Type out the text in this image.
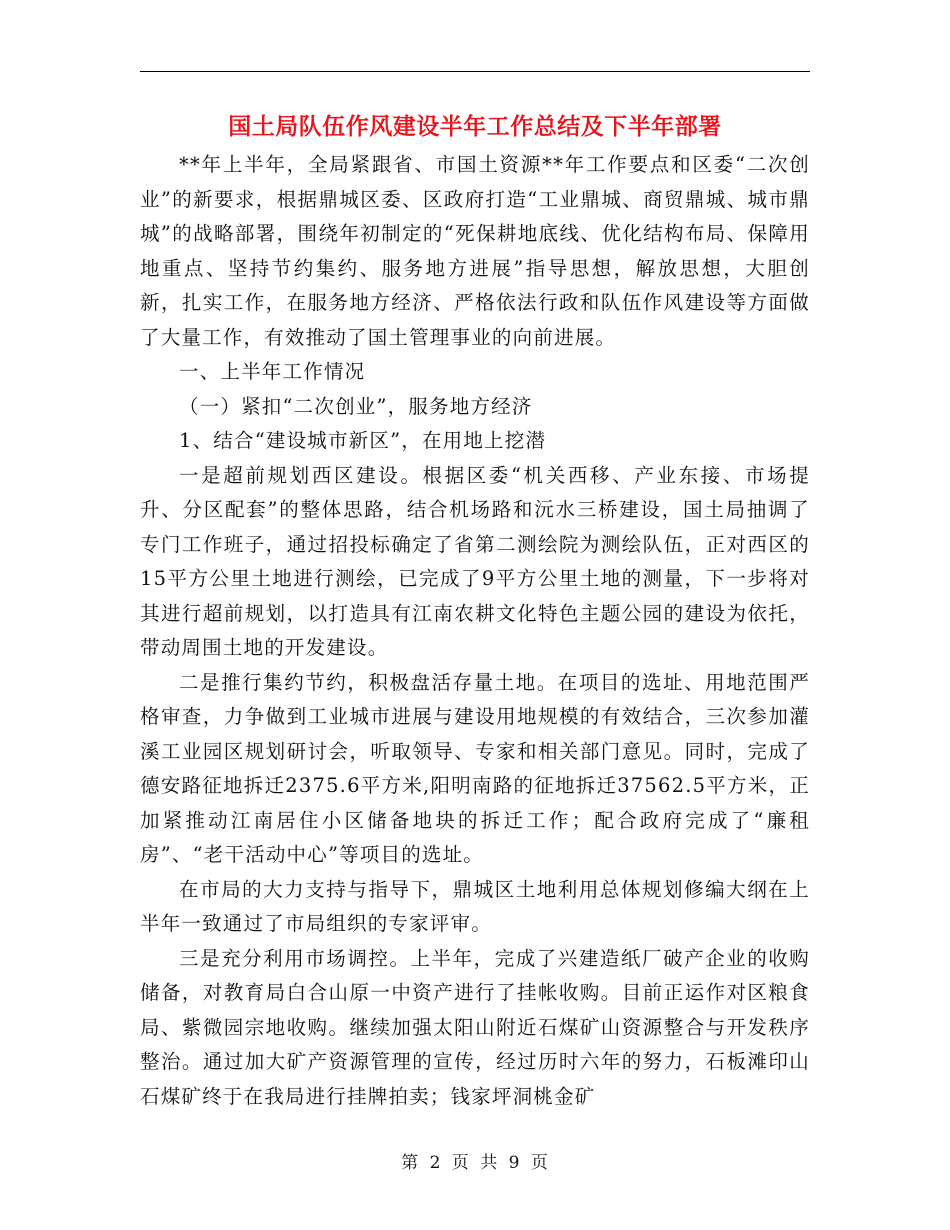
国土局队伍作风建设半年工作总结及下半年部署

**年上半年，全局紧跟省、市国土资源**年工作要点和区委“二次创业”的新要求，根据鼎城区委、区政府打造“工业鼎城、商贸鼎城、城市鼎城”的战略部署，围绕年初制定的“死保耕地底线、优化结构布局、保障用地重点、坚持节约集约、服务地方进展”指导思想，解放思想，大胆创新，扎实工作，在服务地方经济、严格依法行政和队伍作风建设等方面做了大量工作，有效推动了国土管理事业的向前进展。

一、上半年工作情况

（一）紧扣“二次创业”，服务地方经济

1、结合“建设城市新区”，在用地上挖潜

一是超前规划西区建设。根据区委“机关西移、产业东接、市场提升、分区配套”的整体思路，结合机场路和沅水三桥建设，国土局抽调了专门工作班子，通过招投标确定了省第二测绘院为测绘队伍，正对西区的15平方公里土地进行测绘，已完成了9平方公里土地的测量，下一步将对其进行超前规划，以打造具有江南农耕文化特色主题公园的建设为依托，带动周围土地的开发建设。

二是推行集约节约，积极盘活存量土地。在项目的选址、用地范围严格审查，力争做到工业城市进展与建设用地规模的有效结合，三次参加灌溪工业园区规划研讨会，听取领导、专家和相关部门意见。同时，完成了德安路征地拆迁2375.6平方米,阳明南路的征地拆迁37562.5平方米，正加紧推动江南居住小区储备地块的拆迁工作；配合政府完成了“廉租房”、“老干活动中心”等项目的选址。

在市局的大力支持与指导下，鼎城区土地利用总体规划修编大纲在上半年一致通过了市局组织的专家评审。

三是充分利用市场调控。上半年，完成了兴建造纸厂破产企业的收购储备，对教育局白合山原一中资产进行了挂帐收购。目前正运作对区粮食局、紫微园宗地收购。继续加强太阳山附近石煤矿山资源整合与开发秩序整治。通过加大矿产资源管理的宣传，经过历时六年的努力，石板滩印山石煤矿终于在我局进行挂牌拍卖；钱家坪洞桃金矿

第 2 页 共 9 页
